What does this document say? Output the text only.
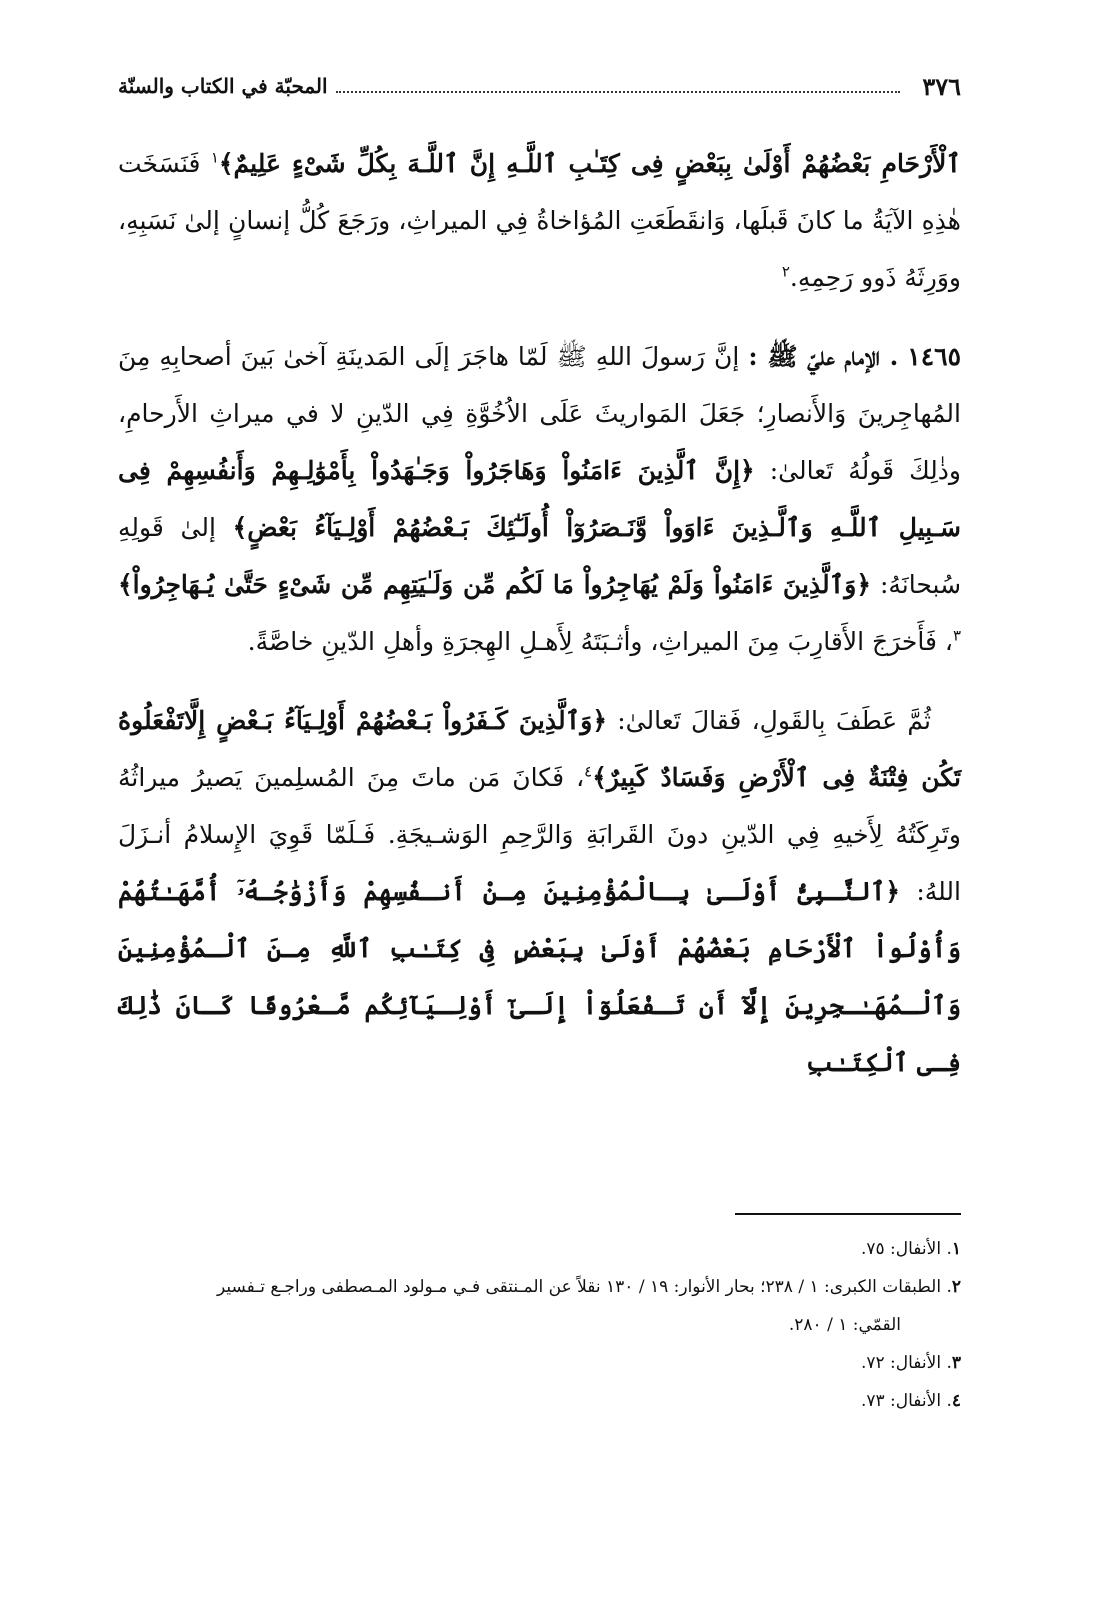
٣٧٦
المحبّة في الكتاب والسنّة

ٱلْأَرْحَامِ بَعْضُهُمْ أَوْلَىٰ بِبَعْضٍ فِى كِتَـٰبِ ٱللَّـهِ إِنَّ ٱللَّـهَ بِكُلِّ شَىْءٍ عَلِيمٌ﴾$^١$ فَنَسَخَت هٰذِهِ الآيَةُ ما كانَ قَبلَها، وَانقَطَعَتِ المُؤاخاةُ فِي الميراثِ، ورَجَعَ كُلُّ إنسانٍ إلىٰ نَسَبِهِ، ووَرِثَهُ ذَوو رَحِمِهِ.$^٢$

١٤٦٥ . الإمام عليّ ﷺ : إنَّ رَسولَ اللهِ ﷺ لَمّا هاجَرَ إلَى المَدينَةِ آخىٰ بَينَ أصحابِهِ مِنَ المُهاجِرينَ وَالأَنصارِ؛ جَعَلَ المَواريثَ عَلَى الاُخُوَّةِ فِي الدّينِ لا في ميراثِ الأَرحامِ، وذٰلِكَ قَولُهُ تَعالىٰ: ﴿إِنَّ ٱلَّذِينَ ءَامَنُواْ وَهَاجَرُواْ وَجَـٰهَدُواْ بِأَمْوَٰلِـهِمْ وَأَنفُسِهِمْ فِى سَـبِيلِ ٱللَّـهِ وَٱلَّـذِينَ ءَاوَواْ وَّنَـصَرُوٓاْ أُولَـٰٓئِكَ بَـعْضُهُمْ أَوْلِـيَآءُ بَعْضٍ﴾ إلىٰ قَولِهِ سُبحانَهُ: ﴿وَٱلَّذِينَ ءَامَنُواْ وَلَمْ يُهَاجِرُواْ مَا لَكُم مِّن وَلَـٰيَتِهِم مِّن شَىْءٍ حَتَّىٰ يُـهَاجِرُواْ﴾$^٣$، فَأَخرَجَ الأَقارِبَ مِنَ الميراثِ، وأثـبَتَهُ لِأَهـلِ الهِجرَةِ وأهلِ الدّينِ خاصَّةً.

ثُمَّ عَطَفَ بِالقَولِ، فَقالَ تَعالىٰ: ﴿وَٱلَّذِينَ كَـفَرُواْ بَـعْضُهُمْ أَوْلِـيَآءُ بَـعْضٍ إِلَّاتَفْعَلُوهُ تَكُن فِتْنَةٌ فِى ٱلْأَرْضِ وَفَسَادٌ كَبِيرٌ﴾$^٤$، فَكانَ مَن ماتَ مِنَ المُسلِمينَ يَصيرُ ميراثُهُ وتَرِكَتُهُ لِأَخيهِ فِي الدّينِ دونَ القَرابَةِ وَالرَّحِمِ الوَشـيجَةِ. فَـلَمّا قَوِيَ الإِسلامُ أنـزَلَ اللهُ: ﴿ٱلنَّـبِىُّ أَوْلَـىٰ بِـالْمُؤْمِنِينَ مِـنْ أَنـفُسِهِمْ وَأَزْوَٰجُـهُۥٓ أُمَّهَـٰتُهُمْ وَأُوْلُواْ ٱلْأَرْحَامِ بَعْضُهُمْ أَوْلَىٰ بِبَعْضٍ فِى كِتَـٰبِ ٱللَّهِ مِـنَ ٱلْـمُؤْمِنِينَ وَٱلْـمُهَـٰـجِرِينَ إِلَّآ أَن تَـفْعَلُوٓاْ إِلَـىٰٓ أَوْلِـيَآئِكُم مَّـعْرُوفًا كَـانَ ذَٰلِكَ فِـى ٱلْكِتَـٰبِ

١. الأنفال: ٧٥.

٢. الطبقات الكبرى: ١ / ٢٣٨؛ بحار الأنوار: ١٩ / ١٣٠ نقلاً عن المـنتقى فـي مـولود المـصطفى وراجـع تـفسير

القمّي: ١ / ٢٨٠.

٣. الأنفال: ٧٢.

٤. الأنفال: ٧٣.
